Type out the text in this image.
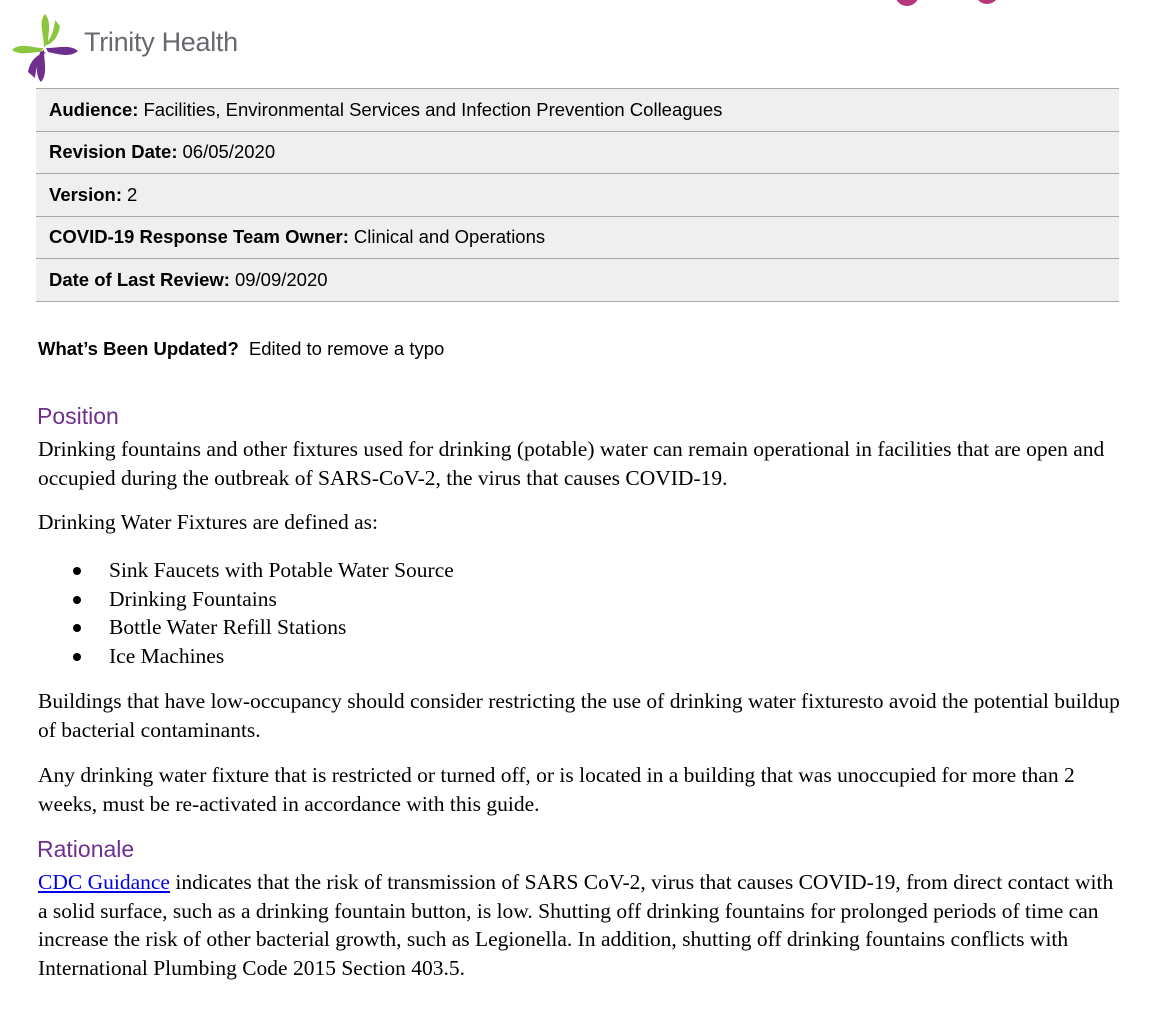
Trinity Health
Audience: Facilities, Environmental Services and Infection Prevention Colleagues
Revision Date: 06/05/2020
Version: 2
COVID-19 Response Team Owner: Clinical and Operations
Date of Last Review: 09/09/2020
What’s Been Updated? Edited to remove a typo
Position

Drinking fountains and other fixtures used for drinking (potable) water can remain operational in facilities that are open and occupied during the outbreak of SARS-CoV-2, the virus that causes COVID-19.

Drinking Water Fixtures are defined as:

Sink Faucets with Potable Water Source
Drinking Fountains
Bottle Water Refill Stations
Ice Machines

Buildings that have low-occupancy should consider restricting the use of drinking water fixturesto avoid the potential buildup of bacterial contaminants.

Any drinking water fixture that is restricted or turned off, or is located in a building that was unoccupied for more than 2 weeks, must be re-activated in accordance with this guide.

Rationale

CDC Guidance indicates that the risk of transmission of SARS CoV-2, virus that causes COVID-19, from direct contact with a solid surface, such as a drinking fountain button, is low. Shutting off drinking fountains for prolonged periods of time can increase the risk of other bacterial growth, such as Legionella. In addition, shutting off drinking fountains conflicts with International Plumbing Code 2015 Section 403.5.
